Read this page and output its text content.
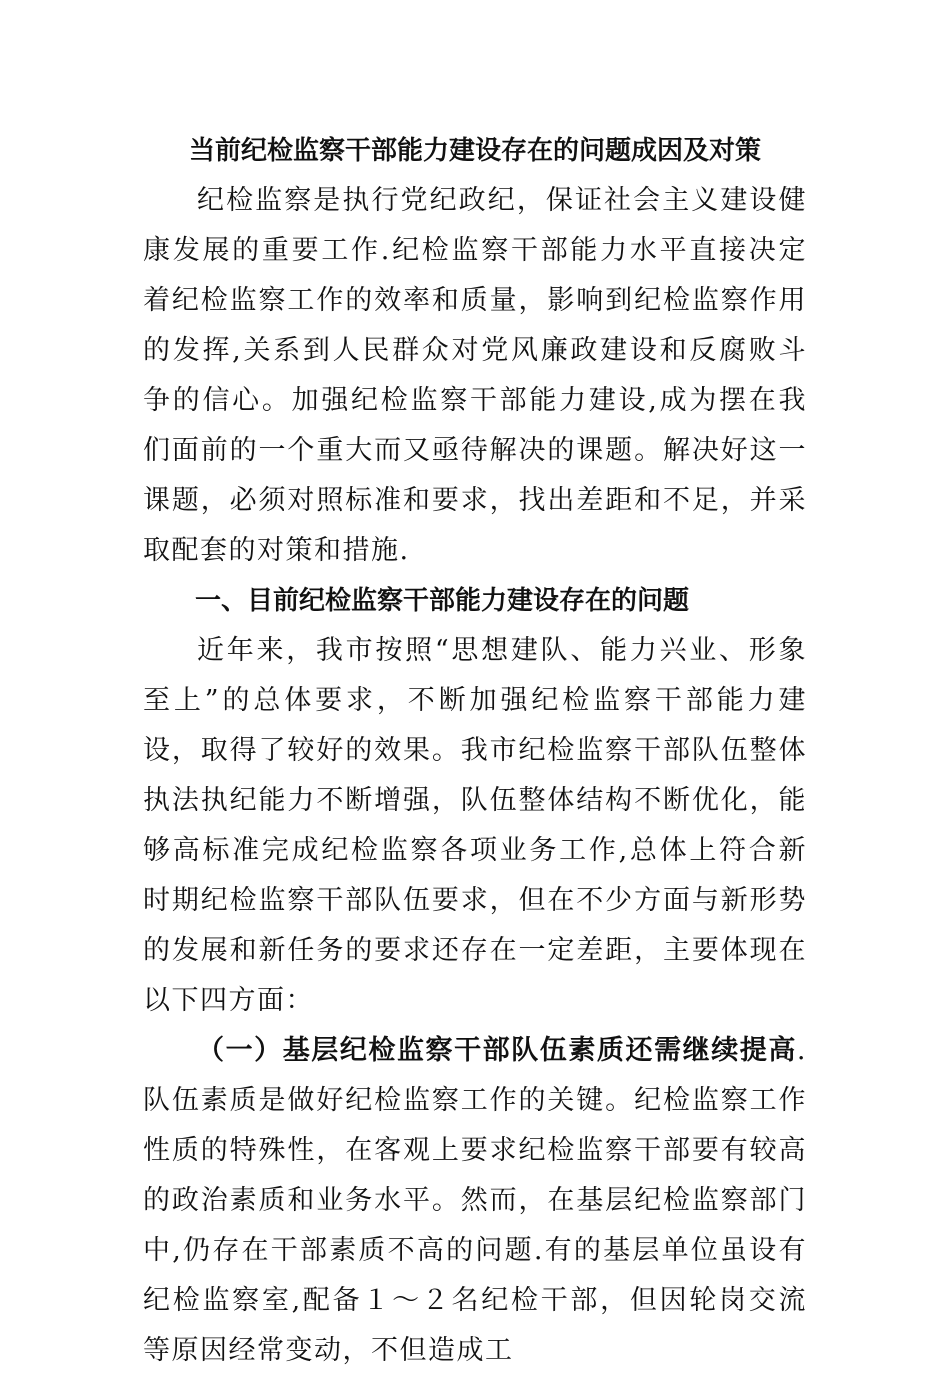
当前纪检监察干部能力建设存在的问题成因及对策

纪检监察是执行党纪政纪，保证社会主义建设健康发展的重要工作.纪检监察干部能力水平直接决定着纪检监察工作的效率和质量，影响到纪检监察作用的发挥,关系到人民群众对党风廉政建设和反腐败斗争的信心。加强纪检监察干部能力建设,成为摆在我们面前的一个重大而又亟待解决的课题。解决好这一课题，必须对照标准和要求，找出差距和不足，并采取配套的对策和措施.

一、目前纪检监察干部能力建设存在的问题

近年来，我市按照“思想建队、能力兴业、形象至上”的总体要求，不断加强纪检监察干部能力建设，取得了较好的效果。我市纪检监察干部队伍整体执法执纪能力不断增强，队伍整体结构不断优化，能够高标准完成纪检监察各项业务工作,总体上符合新时期纪检监察干部队伍要求，但在不少方面与新形势的发展和新任务的要求还存在一定差距，主要体现在以下四方面：

（一）基层纪检监察干部队伍素质还需继续提高.队伍素质是做好纪检监察工作的关键。纪检监察工作性质的特殊性，在客观上要求纪检监察干部要有较高的政治素质和业务水平。然而，在基层纪检监察部门中,仍存在干部素质不高的问题.有的基层单位虽设有纪检监察室,配备１～２名纪检干部，但因轮岗交流等原因经常变动，不但造成工
